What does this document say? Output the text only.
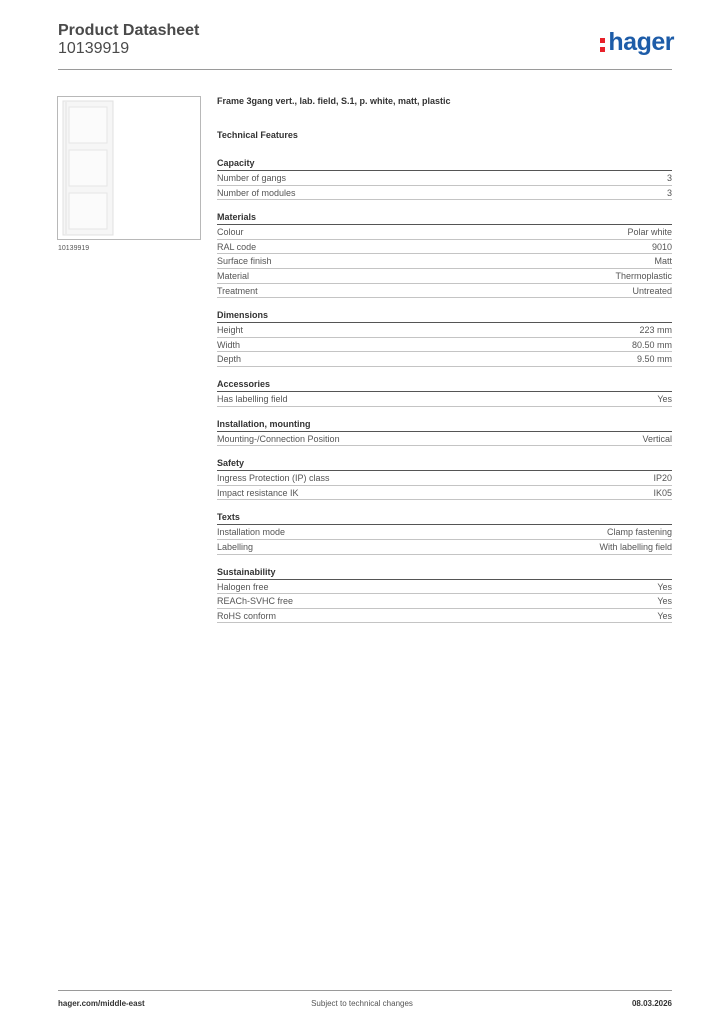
Product Datasheet
10139919	hager
10139919
Frame 3gang vert., lab. field, S.1, p. white, matt, plastic
Technical Features
Capacity
Number of gangs	3
Number of modules	3
Materials
Colour	Polar white
RAL code	9010
Surface finish	Matt
Material	Thermoplastic
Treatment	Untreated
Dimensions
Height	223 mm
Width	80.50 mm
Depth	9.50 mm
Accessories
Has labelling field	Yes
Installation, mounting
Mounting-/Connection Position	Vertical
Safety
Ingress Protection (IP) class	IP20
Impact resistance IK	IK05
Texts
Installation mode	Clamp fastening
Labelling	With labelling field
Sustainability
Halogen free	Yes
REACh-SVHC free	Yes
RoHS conform	Yes
hager.com/middle-east	Subject to technical changes	08.03.2026
